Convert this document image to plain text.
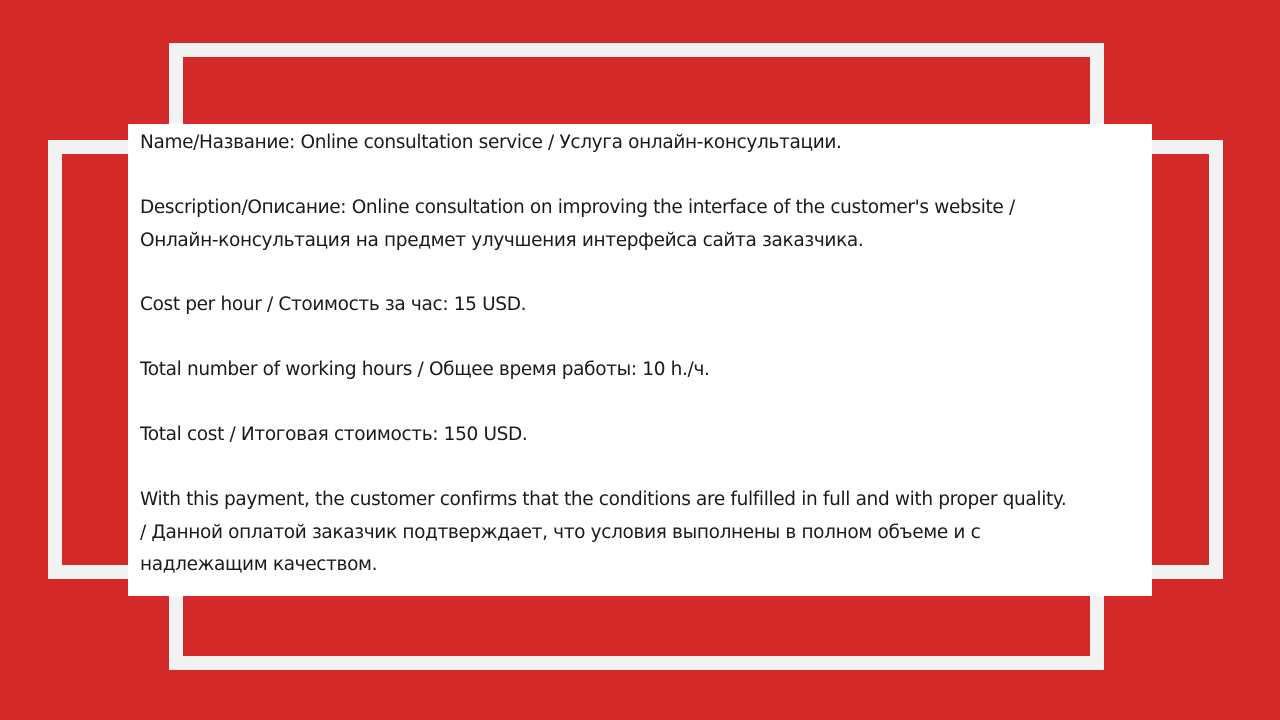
Name/Название: Online consultation service / Услуга онлайн-консультации.
Description/Описание: Online consultation on improving the interface of the customer's website /
Онлайн-консультация на предмет улучшения интерфейса сайта заказчика.
Cost per hour / Стоимость за час: 15 USD.
Total number of working hours / Общее время работы: 10 h./ч.
Total cost / Итоговая стоимость: 150 USD.
With this payment, the customer confirms that the conditions are fulfilled in full and with proper quality.
/ Данной оплатой заказчик подтверждает, что условия выполнены в полном объеме и с
надлежащим качеством.
